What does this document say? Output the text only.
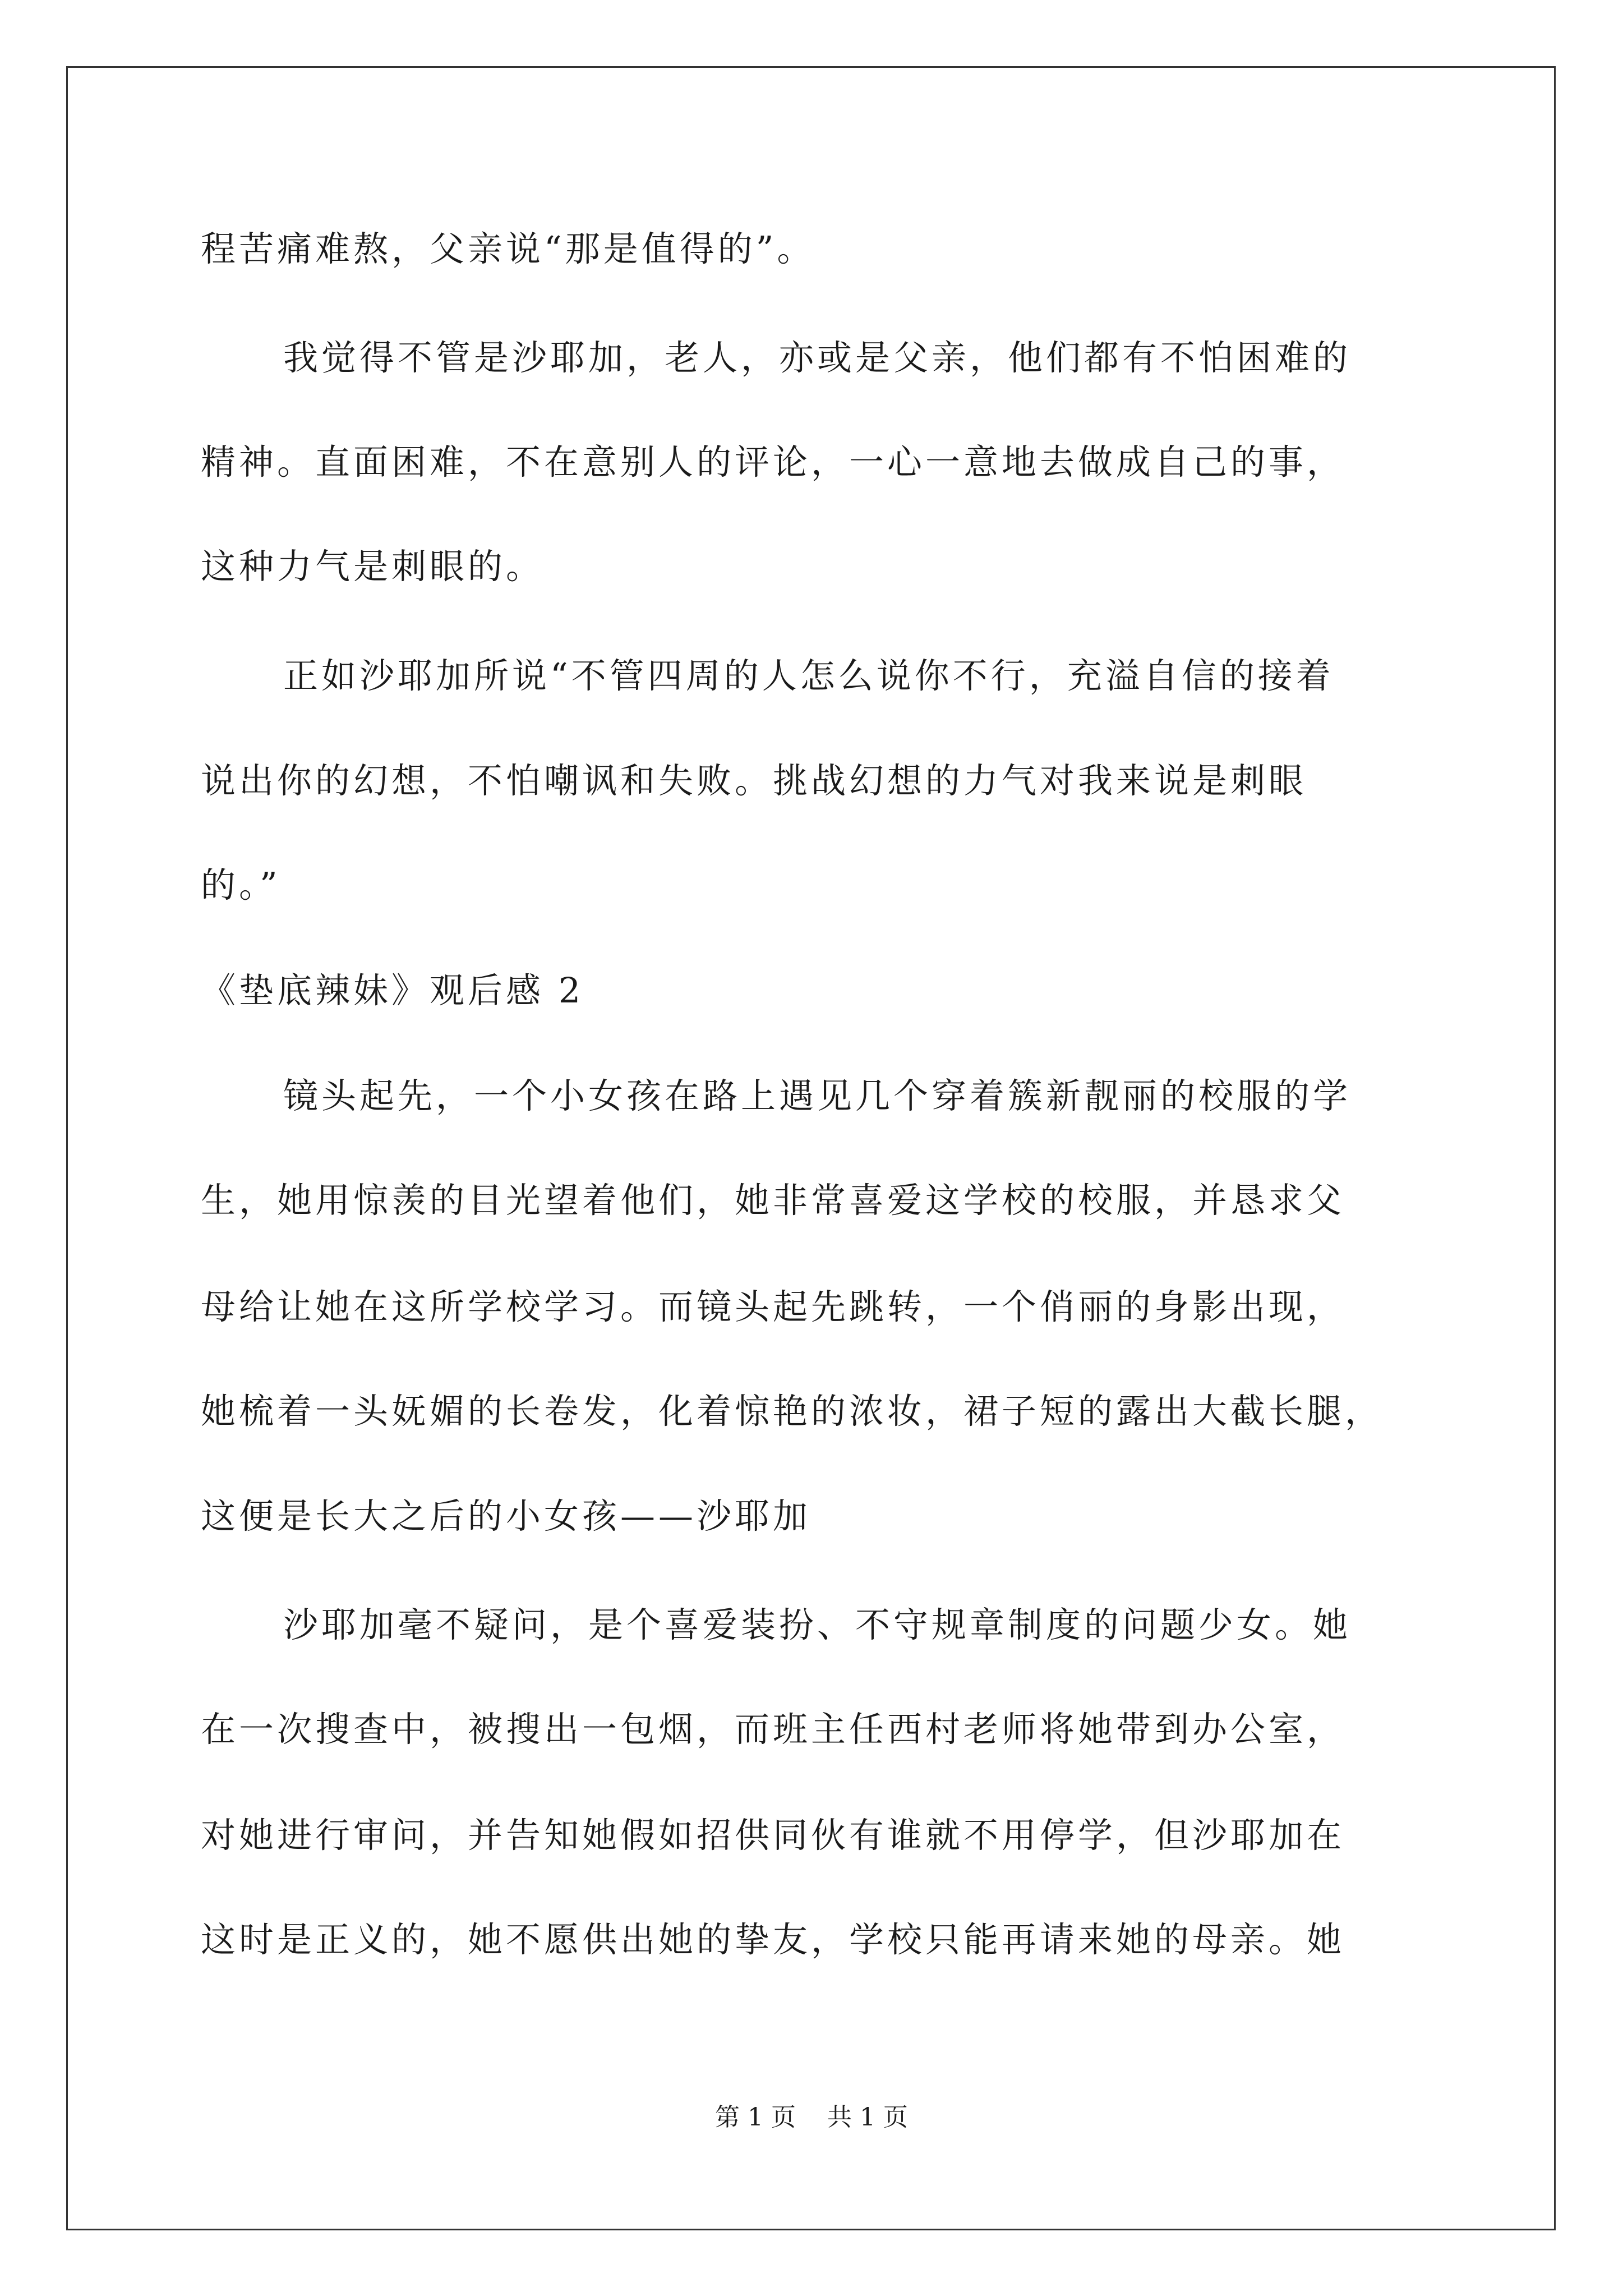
程苦痛难熬，父亲说“那是值得的”。
我觉得不管是沙耶加，老人，亦或是父亲，他们都有不怕困难的
精神。直面困难，不在意别人的评论，一心一意地去做成自己的事，
这种力气是刺眼的。
正如沙耶加所说“不管四周的人怎么说你不行，充溢自信的接着
说出你的幻想，不怕嘲讽和失败。挑战幻想的力气对我来说是刺眼
的。”
《垫底辣妹》观后感 2
镜头起先，一个小女孩在路上遇见几个穿着簇新靓丽的校服的学
生，她用惊羡的目光望着他们，她非常喜爱这学校的校服，并恳求父
母给让她在这所学校学习。而镜头起先跳转，一个俏丽的身影出现，
她梳着一头妩媚的长卷发，化着惊艳的浓妆，裙子短的露出大截长腿，
这便是长大之后的小女孩——沙耶加
沙耶加毫不疑问，是个喜爱装扮、不守规章制度的问题少女。她
在一次搜查中，被搜出一包烟，而班主任西村老师将她带到办公室，
对她进行审问，并告知她假如招供同伙有谁就不用停学，但沙耶加在
这时是正义的，她不愿供出她的挚友，学校只能再请来她的母亲。她
第 1 页    共 1 页
